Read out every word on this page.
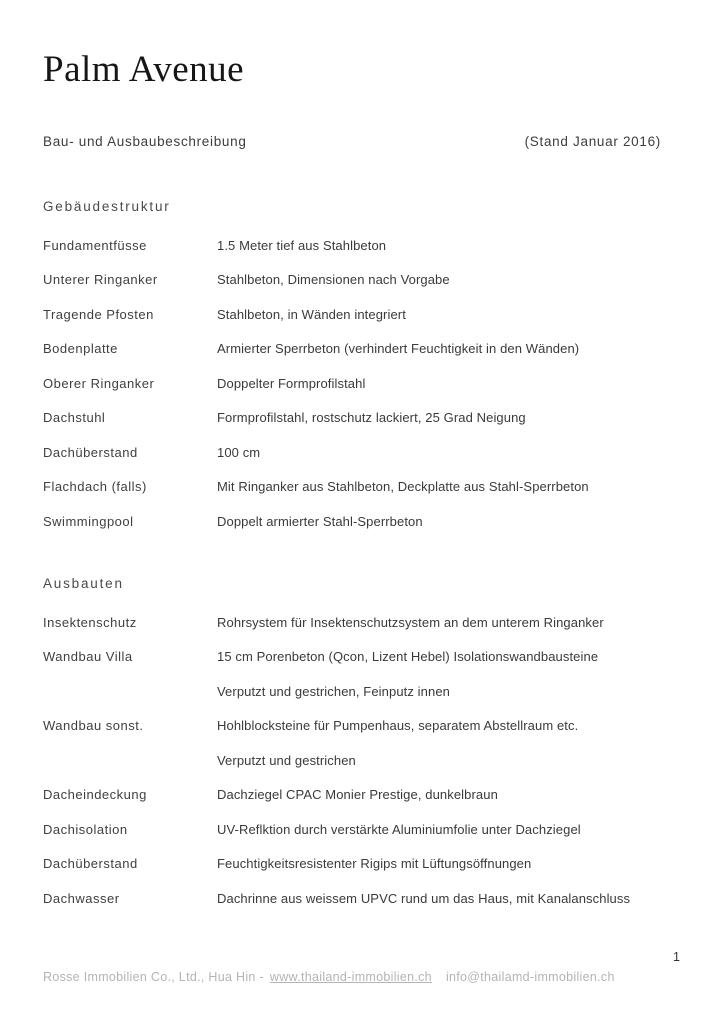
Palm Avenue
Bau- und Ausbaubeschreibung	(Stand Januar 2016)
Gebäudestruktur
Fundamentfüsse	1.5 Meter tief aus Stahlbeton
Unterer Ringanker	Stahlbeton, Dimensionen nach Vorgabe
Tragende Pfosten	Stahlbeton, in Wänden integriert
Bodenplatte	Armierter Sperrbeton (verhindert Feuchtigkeit in den Wänden)
Oberer Ringanker	Doppelter Formprofilstahl
Dachstuhl	Formprofilstahl, rostschutz lackiert, 25 Grad Neigung
Dachüberstand	100 cm
Flachdach (falls)	Mit Ringanker aus Stahlbeton, Deckplatte aus Stahl-Sperrbeton
Swimmingpool	Doppelt armierter Stahl-Sperrbeton
Ausbauten
Insektenschutz	Rohrsystem für Insektenschutzsystem an dem unterem Ringanker
Wandbau Villa	15 cm Porenbeton (Qcon, Lizent Hebel) Isolationswandbausteine
Verputzt und gestrichen, Feinputz innen
Wandbau sonst.	Hohlblocksteine für Pumpenhaus, separatem Abstellraum etc.
Verputzt und gestrichen
Dacheindeckung	Dachziegel CPAC Monier Prestige, dunkelbraun
Dachisolation	UV-Reflktion durch verstärkte Aluminiumfolie unter Dachziegel
Dachüberstand	Feuchtigkeitsresistenter Rigips mit Lüftungsöffnungen
Dachwasser	Dachrinne aus weissem UPVC rund um das Haus, mit Kanalanschluss
1
Rosse Immobilien Co., Ltd., Hua Hin - www.thailand-immobilien.ch info@thailamd-immobilien.ch
